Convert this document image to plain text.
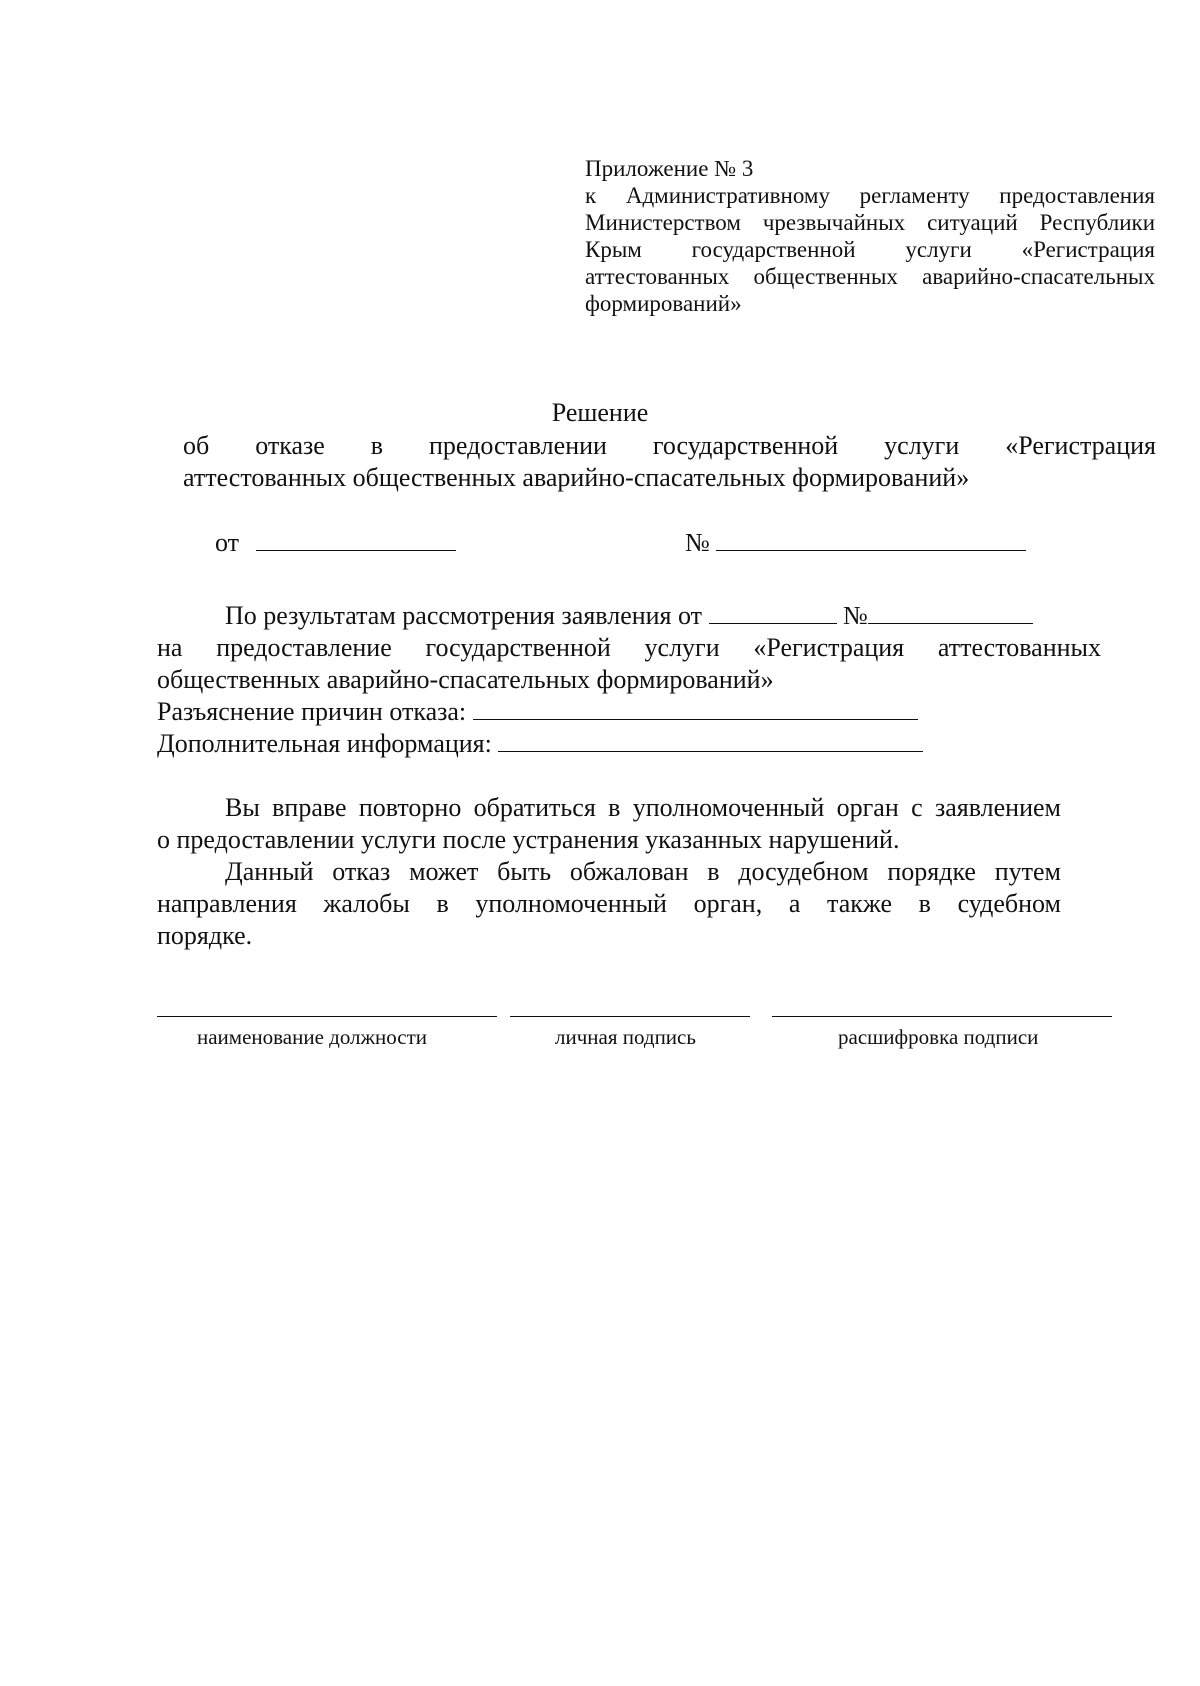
Приложение № 3
к Административному регламенту предоставления
Министерством чрезвычайных ситуаций Республики
Крым государственной услуги «Регистрация
аттестованных общественных аварийно-спасательных
формирований»
Решение
об отказе в предоставлении государственной услуги «Регистрация
аттестованных общественных аварийно-спасательных формирований»
от	№
По результатам рассмотрения заявления от	№
на предоставление государственной услуги «Регистрация аттестованных
общественных аварийно-спасательных формирований»
Разъяснение причин отказа:
Дополнительная информация:
Вы вправе повторно обратиться в уполномоченный орган с заявлением
о предоставлении услуги после устранения указанных нарушений.
Данный отказ может быть обжалован в досудебном порядке путем
направления жалобы в уполномоченный орган, а также в судебном
порядке.
наименование должности	личная подпись	расшифровка подписи
